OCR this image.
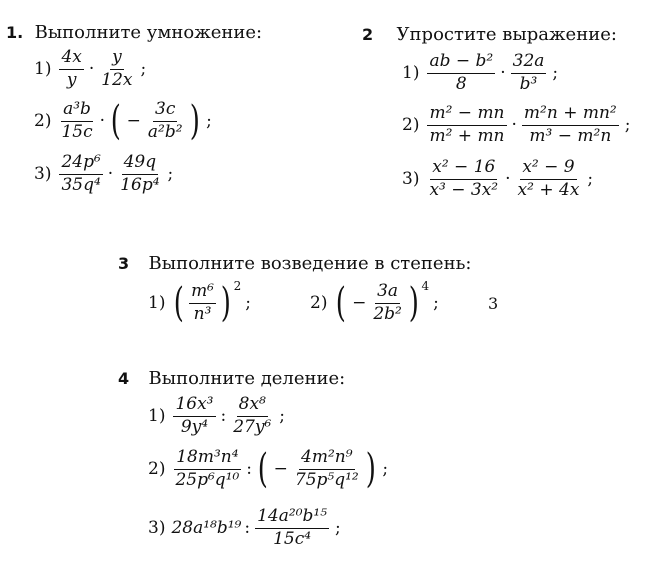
1. Выполните умножение:
$1) \frac{4x}{y} \cdot \frac{y}{12x}$ ;
$2) \frac{\text{a³b}}{15c}$ · ( − $\frac{3c}{\text{a²b²}}$ ) ;
$3) \frac{\text{24p⁶}}{\text{35q⁴}} \cdot \frac{49q}{\text{16p⁴}}$ ;
2 Упростите выражение:
$1) \frac{\text{ab − b²}}{8} \cdot \frac{32a}{\text{b³}}$ ;
$2) \frac{\text{m² − mn}}{\text{m² + mn}} \cdot \frac{\text{m²n + mn²}}{\text{m³ − m²n}}$ ;
$3) \frac{\text{x² − 16}}{\text{x³ − 3x²}} \cdot \frac{\text{x² − 9}}{\text{x² + 4x}}$ ;
3 Выполните возведение в степень:
1) ( $\frac{\text{m⁶}}{\text{n³}}$ ) 2
;	2) ( − $\frac{3a}{\text{2b²}}$ ) 4
;	3
4 Выполните деление:
$1) \frac{\text{16x³}}{\text{9y⁴}}$ : $\frac{\text{8x⁸}}{\text{27y⁶}}$ ;
$2) \frac{\text{18m³n⁴}}{\text{25p⁶q¹⁰}}$ : ( − $\frac{\text{4m²n⁹}}{\text{75p⁵q¹²}}$ ) ;
3) 28a¹⁸b¹⁹ : $\frac{\text{14a²⁰b¹⁵}}{\text{15c⁴}}$ ;
